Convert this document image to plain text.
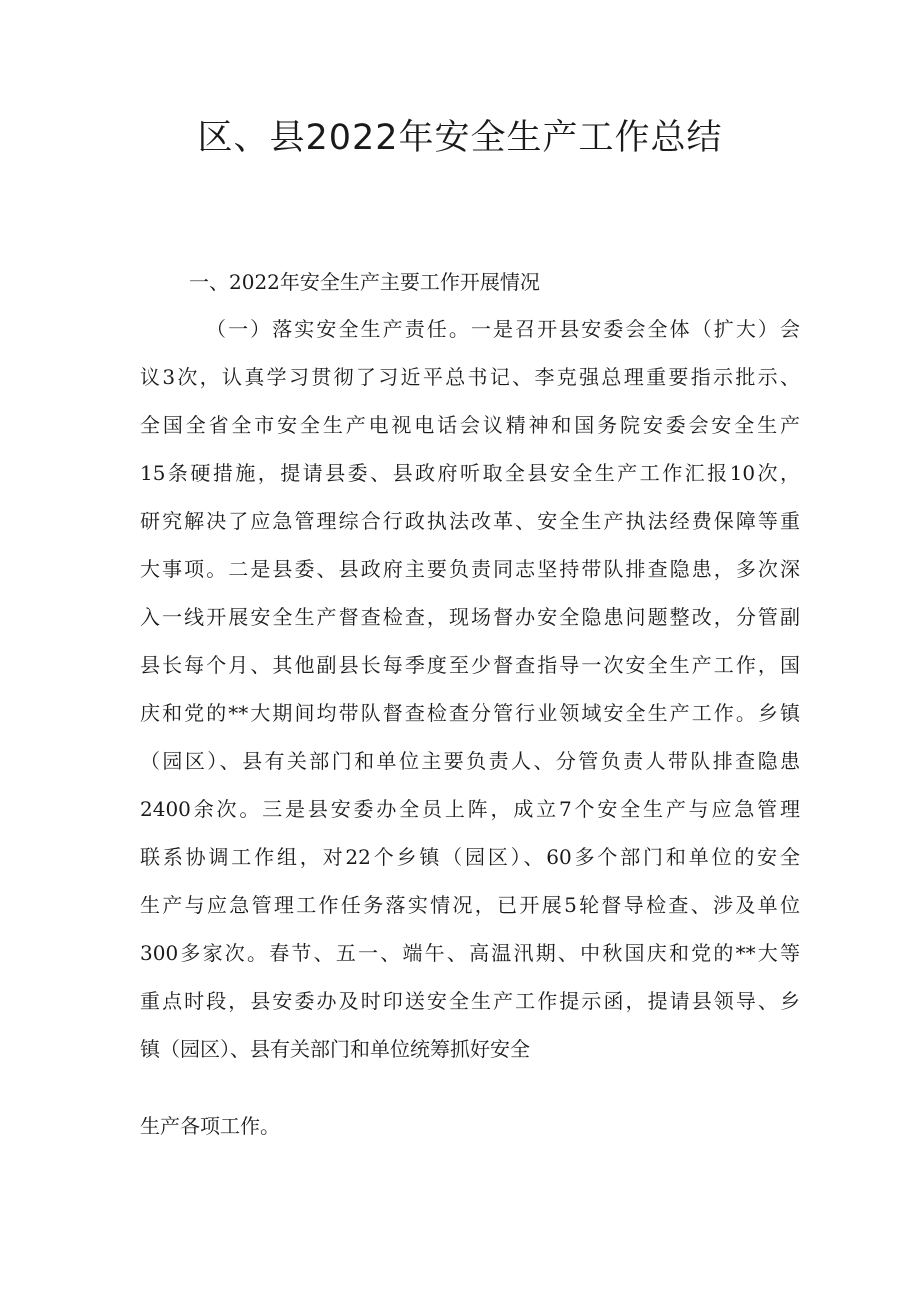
区、县2022年安全生产工作总结

一、2022年安全生产主要工作开展情况

（一）落实安全生产责任。一是召开县安委会全体（扩大）会
议3次，认真学习贯彻了习近平总书记、李克强总理重要指示批示、
全国全省全市安全生产电视电话会议精神和国务院安委会安全生产
15条硬措施，提请县委、县政府听取全县安全生产工作汇报10次，
研究解决了应急管理综合行政执法改革、安全生产执法经费保障等重
大事项。二是县委、县政府主要负责同志坚持带队排查隐患，多次深
入一线开展安全生产督查检查，现场督办安全隐患问题整改，分管副
县长每个月、其他副县长每季度至少督查指导一次安全生产工作，国
庆和党的**大期间均带队督查检查分管行业领域安全生产工作。乡镇
（园区）、县有关部门和单位主要负责人、分管负责人带队排查隐患
2400余次。三是县安委办全员上阵，成立7个安全生产与应急管理
联系协调工作组，对22个乡镇（园区）、60多个部门和单位的安全
生产与应急管理工作任务落实情况，已开展5轮督导检查、涉及单位
300多家次。春节、五一、端午、高温汛期、中秋国庆和党的**大等
重点时段，县安委办及时印送安全生产工作提示函，提请县领导、乡
镇（园区）、县有关部门和单位统筹抓好安全

生产各项工作。
